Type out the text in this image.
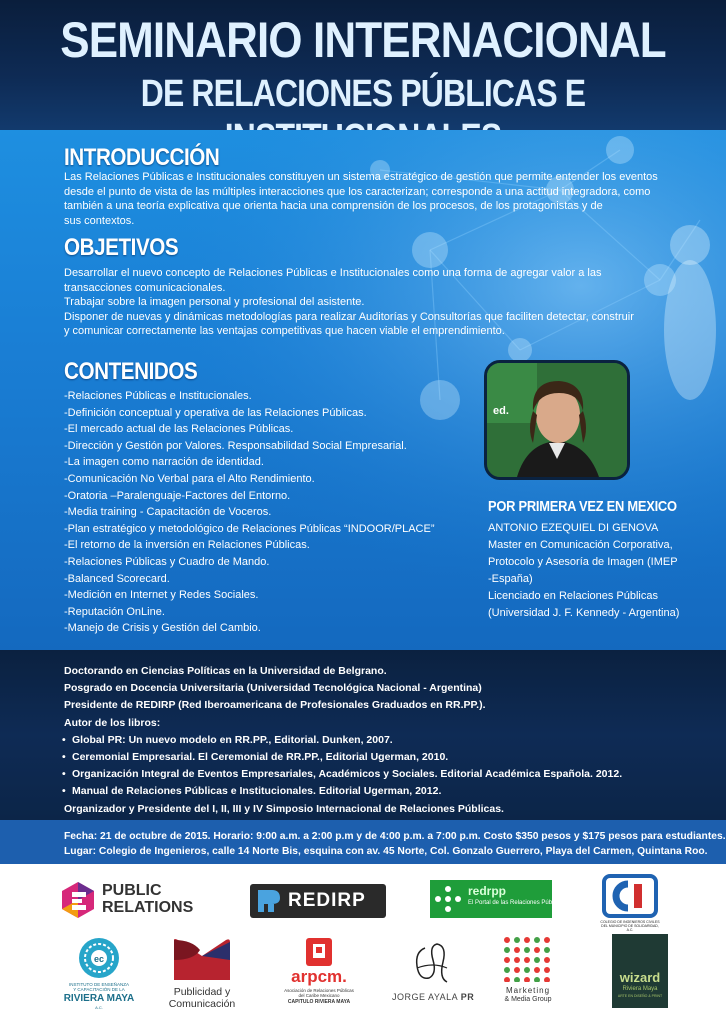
SEMINARIO INTERNACIONAL
DE RELACIONES PÚBLICAS E
INTRODUCCIÓN
Las Relaciones Públicas e Institucionales constituyen un sistema estratégico de gestión que permite entender los eventos
desde el punto de vista de las múltiples interacciones que los caracterizan; corresponde a una actitud integradora, como
también a una teoría explicativa que orienta hacia una comprensión de los procesos, de los protagonistas y de
sus contextos.
OBJETIVOS
Desarrollar el nuevo concepto de Relaciones Públicas e Institucionales como una forma de agregar valor a las
transacciones comunicacionales.
Trabajar sobre la imagen personal y profesional del asistente.
Disponer de nuevas y dinámicas metodologías para realizar Auditorías y Consultorías que faciliten detectar, construir
y comunicar correctamente las ventajas competitivas que hacen viable el emprendimiento.
CONTENIDOS
-Relaciones Públicas e Institucionales.
-Definición conceptual y operativa de las Relaciones Públicas.
-El mercado actual de las Relaciones Públicas.
-Dirección y Gestión por Valores. Responsabilidad Social Empresarial.
-La imagen como narración de identidad.
-Comunicación No Verbal para el Alto Rendimiento.
-Oratoria –Paralenguaje-Factores del Entorno.
-Media training - Capacitación de Voceros.
-Plan estratégico y metodológico de Relaciones Públicas “INDOOR/PLACE”
-El retorno de la inversión en Relaciones Públicas.
-Relaciones Públicas y Cuadro de Mando.
-Balanced Scorecard.
-Medición en Internet y Redes Sociales.
-Reputación OnLine.
-Manejo de Crisis y Gestión del Cambio.
ed.
POR PRIMERA VEZ EN MEXICO
ANTONIO EZEQUIEL DI GENOVA
Master en Comunicación Corporativa,
Protocolo y Asesoría de Imagen (IMEP
-España)
Licenciado en Relaciones Públicas
(Universidad J. F. Kennedy - Argentina)
Doctorando en Ciencias Políticas en la Universidad de Belgrano.
Posgrado en Docencia Universitaria (Universidad Tecnológica Nacional - Argentina)
Presidente de REDIRP (Red Iberoamericana de Profesionales Graduados en RR.PP.).
Autor de los libros:
• Global PR: Un nuevo modelo en RR.PP., Editorial. Dunken, 2007.
• Ceremonial Empresarial. El Ceremonial de RR.PP., Editorial Ugerman, 2010.
• Organización Integral de Eventos Empresariales, Académicos y Sociales. Editorial Académica Española. 2012.
• Manual de Relaciones Públicas e Institucionales. Editorial Ugerman, 2012.
Organizador y Presidente del I, II, III y IV Simposio Internacional de Relaciones Públicas.
Fecha: 21 de octubre de 2015. Horario: 9:00 a.m. a 2:00 p.m y de 4:00 p.m. a 7:00 p.m. Costo $350 pesos y $175 pesos para estudiantes.
Lugar: Colegio de Ingenieros, calle 14 Norte Bis, esquina con av. 45 Norte, Col. Gonzalo Guerrero, Playa del Carmen, Quintana Roo.
PUBLIC
RELATIONS	REDIRP	redrpp
El Portal de las Relaciones Públicas
COLEGIO DE INGENIEROS CIVILES DEL MUNICIPIO DE SOLIDARIDAD, A.C.
ec
INSTITUTO DE ENSEÑANZA
Y CAPACITACIÓN DE LA
RIVIERA MAYA
A.C.
Publicidad y
Comunicación
arpcm.
Asociación de Relaciones Públicas
del Caribe Mexicano
CAPITULO RIVIERA MAYA	JORGE AYALA PR
Marketing
& Media Group
wizard
Riviera Maya
ARTE EN DISEÑO & PRINT
